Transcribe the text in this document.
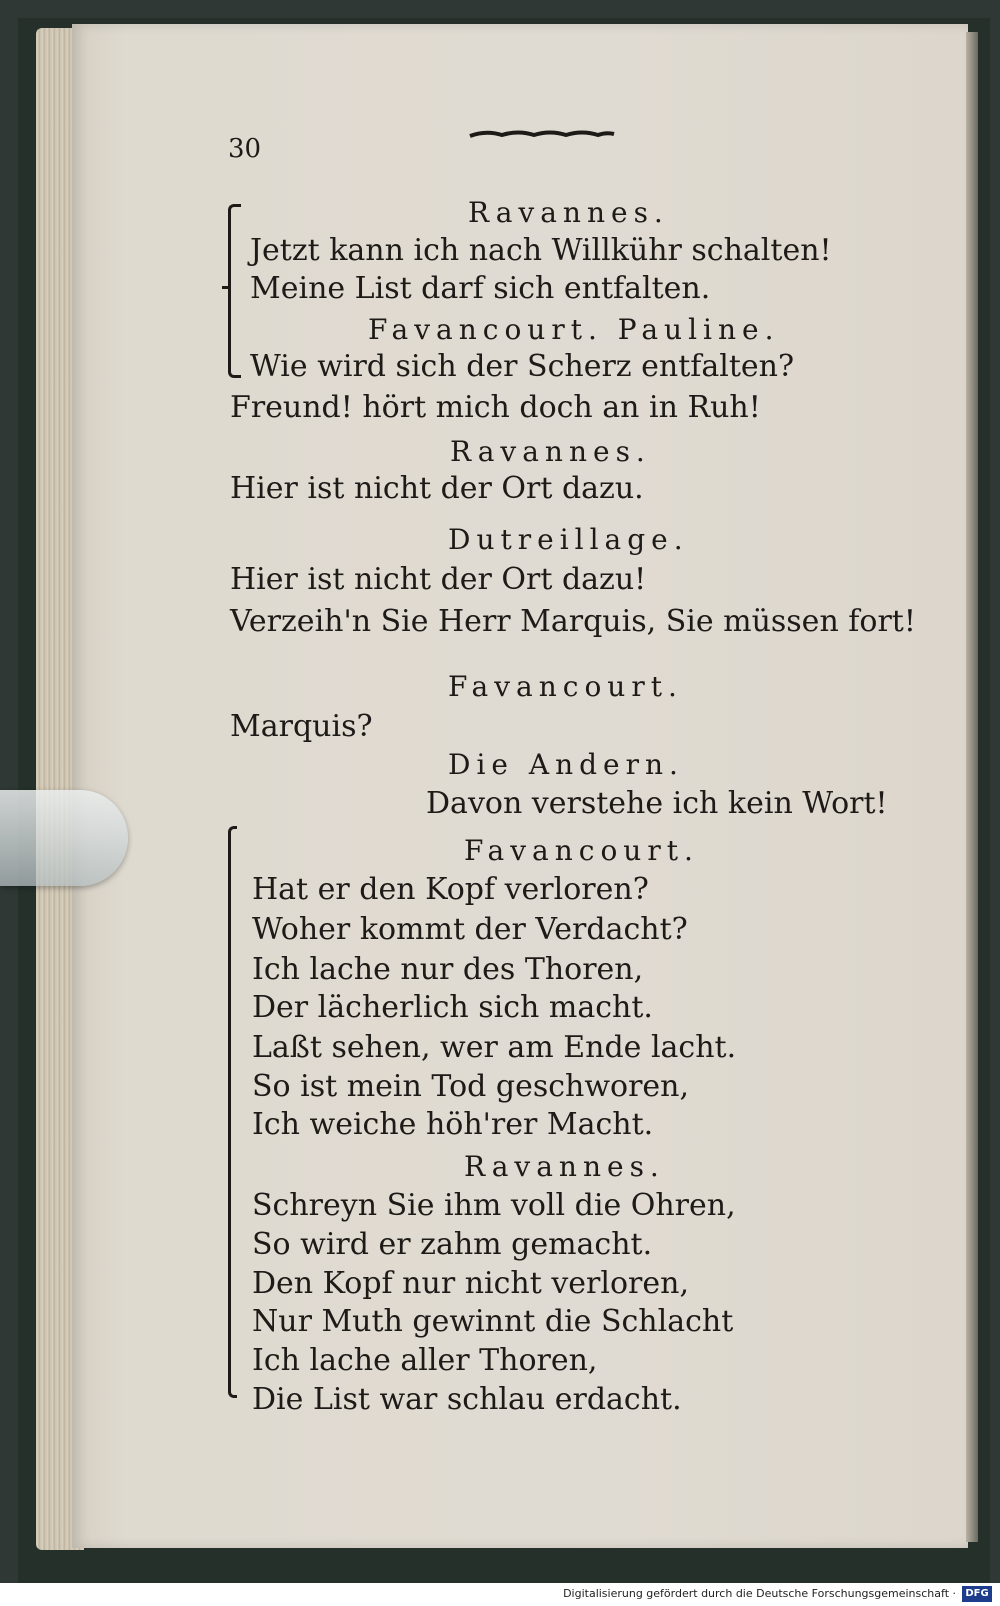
30
Ravannes.
Jetzt kann ich nach Willkühr schalten!
Meine List darf sich entfalten.
Favancourt. Pauline.
Wie wird sich der Scherz entfalten?
Freund! hört mich doch an in Ruh!
Ravannes.
Hier ist nicht der Ort dazu.
Dutreillage.
Hier ist nicht der Ort dazu!
Verzeih'n Sie Herr Marquis, Sie müssen fort!
Favancourt.
Marquis?
Die Andern.
Davon verstehe ich kein Wort!
Favancourt.
Hat er den Kopf verloren?
Woher kommt der Verdacht?
Ich lache nur des Thoren,
Der lächerlich sich macht.
Laßt sehen, wer am Ende lacht.
So ist mein Tod geschworen,
Ich weiche höh'rer Macht.
Ravannes.
Schreyn Sie ihm voll die Ohren,
So wird er zahm gemacht.
Den Kopf nur nicht verloren,
Nur Muth gewinnt die Schlacht
Ich lache aller Thoren,
Die List war schlau erdacht.
Digitalisierung gefördert durch die Deutsche Forschungsgemeinschaft · DFG
